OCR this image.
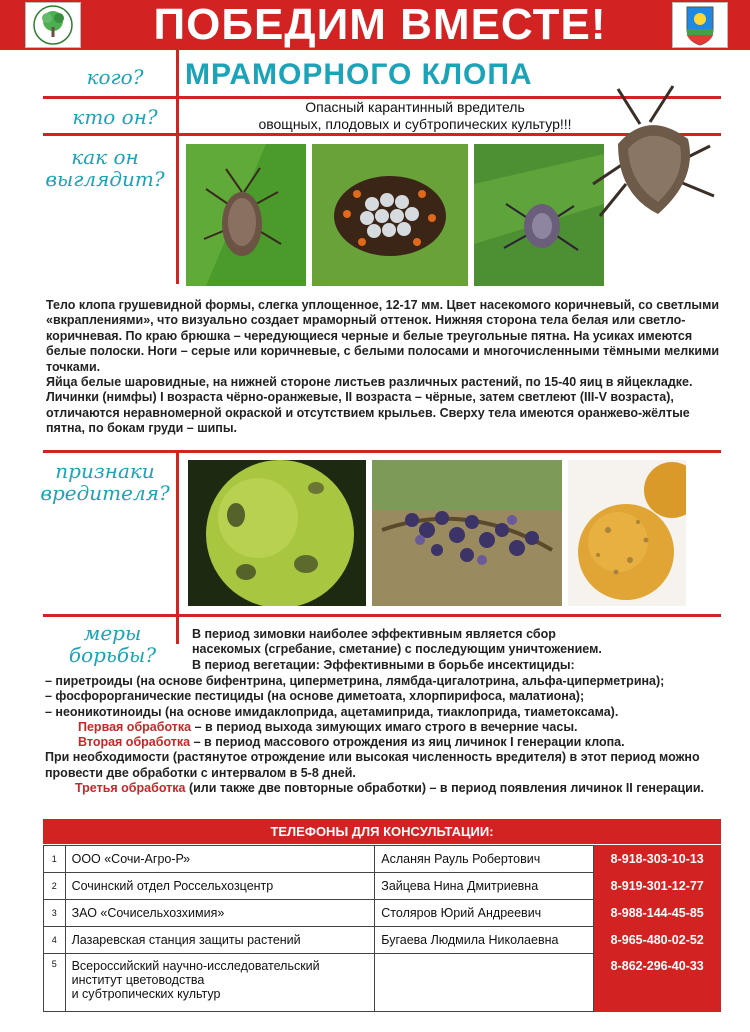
ПОБЕДИМ ВМЕСТЕ!
кого?	МРАМОРНОГО КЛОПА
кто он?	Опасный карантинный вредитель
овощных, плодовых и субтропических культур!!!
как он
выглядит?
Тело клопа грушевидной формы, слегка уплощенное, 12-17 мм. Цвет насекомого коричневый, со светлыми «вкраплениями», что визуально создает мраморный оттенок. Нижняя сторона тела белая или светло-коричневая. По краю брюшка – чередующиеся черные и белые треугольные пятна. На усиках имеются белые полоски. Ноги – серые или коричневые, с белыми полосами и многочисленными тёмными мелкими точками.
Яйца белые шаровидные, на нижней стороне листьев различных растений, по 15-40 яиц в яйцекладке. Личинки (нимфы) I возраста чёрно-оранжевые, II возраста – чёрные, затем светлеют (III-V возраста), отличаются неравномерной окраской и отсутствием крыльев. Сверху тела имеются оранжево-жёлтые пятна, по бокам груди – шипы.
признаки
вредителя?
меры
борьбы?
В период зимовки наиболее эффективным является сбор насекомых (сгребание, сметание) с последующим уничтожением.
В период вегетации: Эффективными в борьбе инсектициды:
– пиретроиды (на основе бифентрина, циперметрина, лямбда-цигалотрина, альфа-циперметрина);
– фосфорорганические пестициды (на основе диметоата, хлорпирифоса, малатиона);
– неоникотиноиды (на основе имидаклоприда, ацетамиприда, тиаклоприда, тиаметоксама).
Первая обработка – в период выхода зимующих имаго строго в вечерние часы.
Вторая обработка – в период массового отрождения из яиц личинок I генерации клопа.
При необходимости (растянутое отрождение или высокая численность вредителя) в этот период можно провести две обработки с интервалом в 5-8 дней.
Третья обработка (или также две повторные обработки) – в период появления личинок II генерации.
ТЕЛЕФОНЫ ДЛЯ КОНСУЛЬТАЦИИ:
1	ООО «Сочи-Агро-Р»	Асланян Рауль Робертович	8-918-303-10-13
2	Сочинский отдел Россельхозцентр	Зайцева Нина Дмитриевна	8-919-301-12-77
3	ЗАО «Сочисельхозхимия»	Столяров Юрий Андреевич	8-988-144-45-85
4	Лазаревская станция защиты растений	Бугаева Людмила Николаевна	8-965-480-02-52
5	Всероссийский научно-исследовательский
институт цветоводства
и субтропических культур		8-862-296-40-33
